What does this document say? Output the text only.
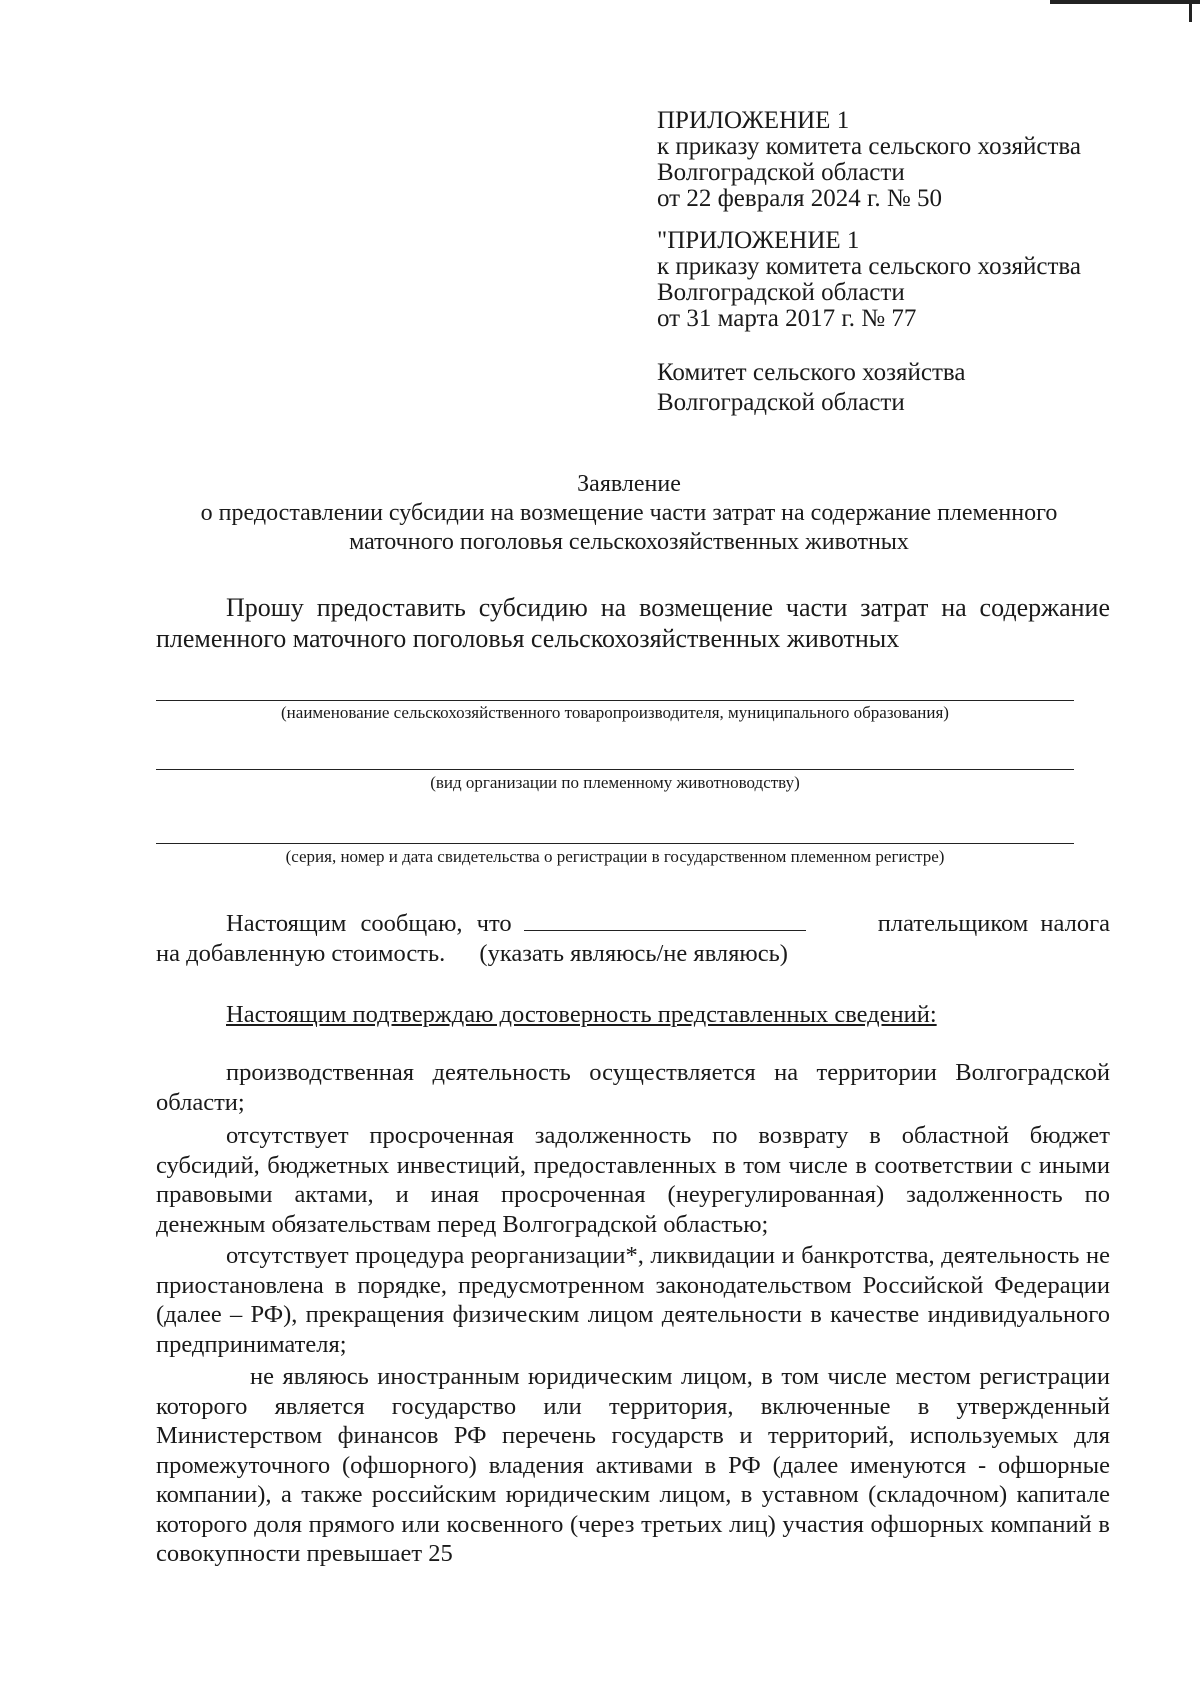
ПРИЛОЖЕНИЕ 1
к приказу комитета сельского хозяйства
Волгоградской области
от 22 февраля 2024 г. № 50
"ПРИЛОЖЕНИЕ 1
к приказу комитета сельского хозяйства
Волгоградской области
от 31 марта 2017 г. № 77
Комитет сельского хозяйства
Волгоградской области
Заявление
о предоставлении субсидии на возмещение части затрат на содержание племенного
маточного поголовья сельскохозяйственных животных
Прошу предоставить субсидию на возмещение части затрат на содержание племенного маточного поголовья сельскохозяйственных животных
(наименование сельскохозяйственного товаропроизводителя, муниципального образования)
(вид организации по племенному животноводству)
(серия, номер и дата свидетельства о регистрации в государственном племенном регистре)
Настоящим сообщаю, что	плательщиком налога
на добавленную стоимость. (указать являюсь/не являюсь)
Настоящим подтверждаю достоверность представленных сведений:
производственная деятельность осуществляется на территории Волгоградской области;
отсутствует просроченная задолженность по возврату в областной бюджет субсидий, бюджетных инвестиций, предоставленных в том числе в соответствии с иными правовыми актами, и иная просроченная (неурегулированная) задолженность по денежным обязательствам перед Волгоградской областью;
отсутствует процедура реорганизации*, ликвидации и банкротства, деятельность не приостановлена в порядке, предусмотренном законодательством Российской Федерации (далее – РФ), прекращения физическим лицом деятельности в качестве индивидуального предпринимателя;
не являюсь иностранным юридическим лицом, в том числе местом регистрации которого является государство или территория, включенные в утвержденный Министерством финансов РФ перечень государств и территорий, используемых для промежуточного (офшорного) владения активами в РФ (далее именуются - офшорные компании), а также российским юридическим лицом, в уставном (складочном) капитале которого доля прямого или косвенного (через третьих лиц) участия офшорных компаний в совокупности превышает 25
